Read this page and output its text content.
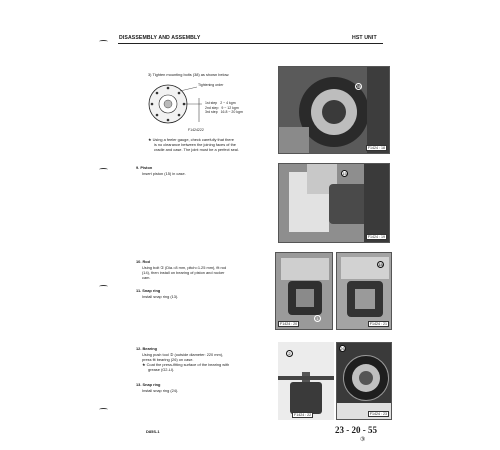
DISASSEMBLY AND ASSEMBLY	HST UNIT
3) Tighten mounting bolts (38) as shown below.
Tightening order
1st step 2 ~ 4 kgm
2nd step 9 ~ 12 kgm
3rd step 16.8 ~ 20 kgm
F1424222
★ Using a feeler gauge, check carefully that there
is no clearance between the joining faces of the
cradle and case. The joint must be a perfect seal.
38
F1424 : 18
9. Piston
Insert piston (15) in case.	15
F1424 : 19
10. Rod
Using bolt ① (Dia.=8 mm, pitch=1.25 mm), fit rod
(14), then install on bearing of piston and rocker
cam.
11. Snap ring
Install snap ring (13).
1
F1424 : 20
14
F1424 : 21
12. Bearing
Using push tool ② (outside diameter: 220 mm),
press fit bearing (26) on case.
★ Coat the press-fitting surface of the bearing with
grease (G2-LI).
13. Snap ring
Install snap ring (24).
2
F1424 : 22
26
F1424 : 23
D85S-1	23 - 20 - 55
③
